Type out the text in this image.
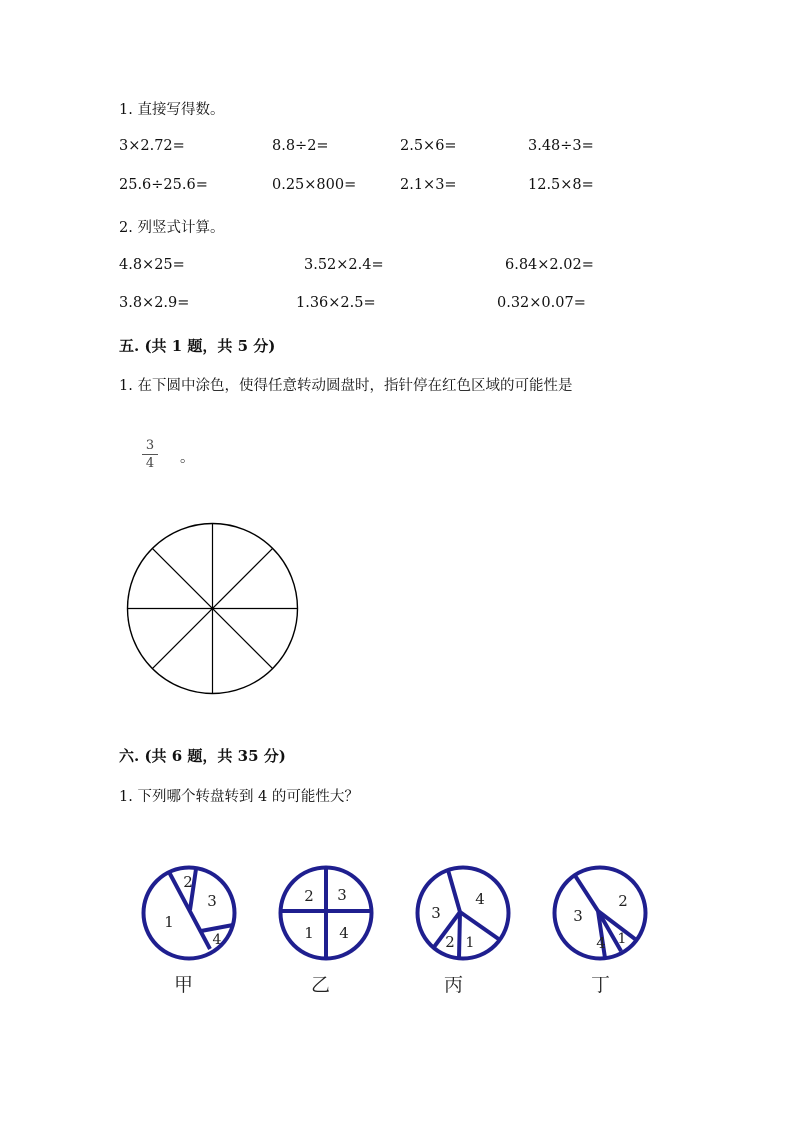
1. 直接写得数。
3×2.72=	8.8÷2=	2.5×6=	3.48÷3=
25.6÷25.6=	0.25×800=	2.1×3=	12.5×8=
2. 列竖式计算。
4.8×25=	3.52×2.4=	6.84×2.02=
3.8×2.9=	1.36×2.5=	0.32×0.07=
五. (共 1 题，共 5 分)
1. 在下圆中涂色，使得任意转动圆盘时，指针停在红色区域的可能性是
3
4 。
六. (共 6 题，共 35 分)
1. 下列哪个转盘转到 4 的可能性大？
2
3
1
4
2 3
1 4
4
3
2 1
2
3
4 1
甲	乙	丙	丁
